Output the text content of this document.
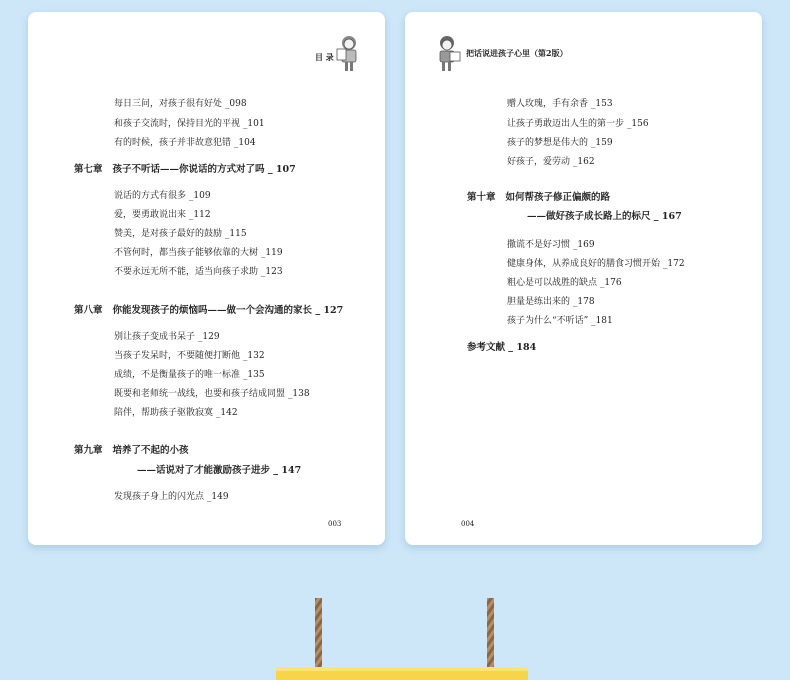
目 录
每日三问，对孩子很有好处 _098
和孩子交流时，保持目光的平视 _101
有的时候，孩子并非故意犯错 _104
第七章 孩子不听话——你说话的方式对了吗 _ 107
说话的方式有很多 _109
爱，要勇敢说出来 _112
赞美，是对孩子最好的鼓励 _115
不管何时，都当孩子能够依靠的大树 _119
不要永远无所不能，适当向孩子求助 _123
第八章 你能发现孩子的烦恼吗——做一个会沟通的家长 _ 127
别让孩子变成书呆子 _129
当孩子发呆时，不要随便打断他 _132
成绩，不是衡量孩子的唯一标准 _135
既要和老师统一战线，也要和孩子结成同盟 _138
陪伴，帮助孩子驱散寂寞 _142
第九章 培养了不起的小孩
——话说对了才能激励孩子进步 _ 147
发现孩子身上的闪光点 _149
003
把话说进孩子心里（第2版）
赠人玫瑰，手有余香 _153
让孩子勇敢迈出人生的第一步 _156
孩子的梦想是伟大的 _159
好孩子，爱劳动 _162
第十章 如何帮孩子修正偏颇的路
——做好孩子成长路上的标尺 _ 167
撒谎不是好习惯 _169
健康身体，从养成良好的膳食习惯开始 _172
粗心是可以战胜的缺点 _176
胆量是练出来的 _178
孩子为什么“不听话” _181
参考文献 _ 184
004
